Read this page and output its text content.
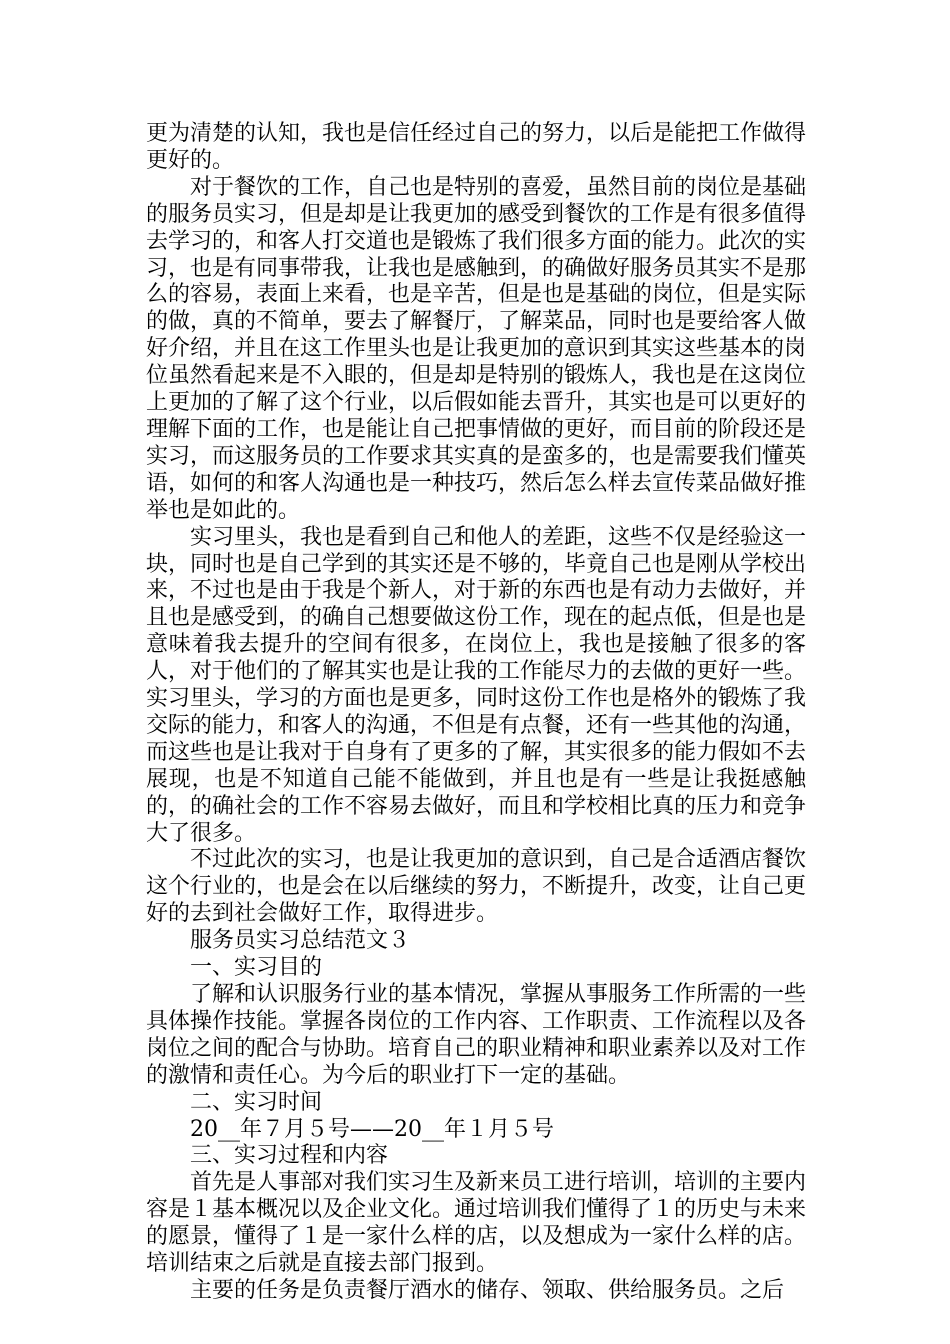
更为清楚的认知，我也是信任经过自己的努力，以后是能把工作做得更好的。

对于餐饮的工作，自己也是特别的喜爱，虽然目前的岗位是基础的服务员实习，但是却是让我更加的感受到餐饮的工作是有很多值得去学习的，和客人打交道也是锻炼了我们很多方面的能力。此次的实习，也是有同事带我，让我也是感触到，的确做好服务员其实不是那么的容易，表面上来看，也是辛苦，但是也是基础的岗位，但是实际的做，真的不简单，要去了解餐厅，了解菜品，同时也是要给客人做好介绍，并且在这工作里头也是让我更加的意识到其实这些基本的岗位虽然看起来是不入眼的，但是却是特别的锻炼人，我也是在这岗位上更加的了解了这个行业，以后假如能去晋升，其实也是可以更好的理解下面的工作，也是能让自己把事情做的更好，而目前的阶段还是实习，而这服务员的工作要求其实真的是蛮多的，也是需要我们懂英语，如何的和客人沟通也是一种技巧，然后怎么样去宣传菜品做好推举也是如此的。

实习里头，我也是看到自己和他人的差距，这些不仅是经验这一块，同时也是自己学到的其实还是不够的，毕竟自己也是刚从学校出来，不过也是由于我是个新人，对于新的东西也是有动力去做好，并且也是感受到，的确自己想要做这份工作，现在的起点低，但是也是意味着我去提升的空间有很多，在岗位上，我也是接触了很多的客人，对于他们的了解其实也是让我的工作能尽力的去做的更好一些。实习里头，学习的方面也是更多，同时这份工作也是格外的锻炼了我交际的能力，和客人的沟通，不但是有点餐，还有一些其他的沟通，而这些也是让我对于自身有了更多的了解，其实很多的能力假如不去展现，也是不知道自己能不能做到，并且也是有一些是让我挺感触的，的确社会的工作不容易去做好，而且和学校相比真的压力和竞争大了很多。

不过此次的实习，也是让我更加的意识到，自己是合适酒店餐饮这个行业的，也是会在以后继续的努力，不断提升，改变，让自己更好的去到社会做好工作，取得进步。

服务员实习总结范文３

一、实习目的

了解和认识服务行业的基本情况，掌握从事服务工作所需的一些具体操作技能。掌握各岗位的工作内容、工作职责、工作流程以及各岗位之间的配合与协助。培育自己的职业精神和职业素养以及对工作的激情和责任心。为今后的职业打下一定的基础。

二、实习时间

20__年７月５号——20__年１月５号

三、实习过程和内容

首先是人事部对我们实习生及新来员工进行培训，培训的主要内容是１基本概况以及企业文化。通过培训我们懂得了１的历史与未来的愿景，懂得了１是一家什么样的店，以及想成为一家什么样的店。培训结束之后就是直接去部门报到。

主要的任务是负责餐厅酒水的储存、领取、供给服务员。之后
